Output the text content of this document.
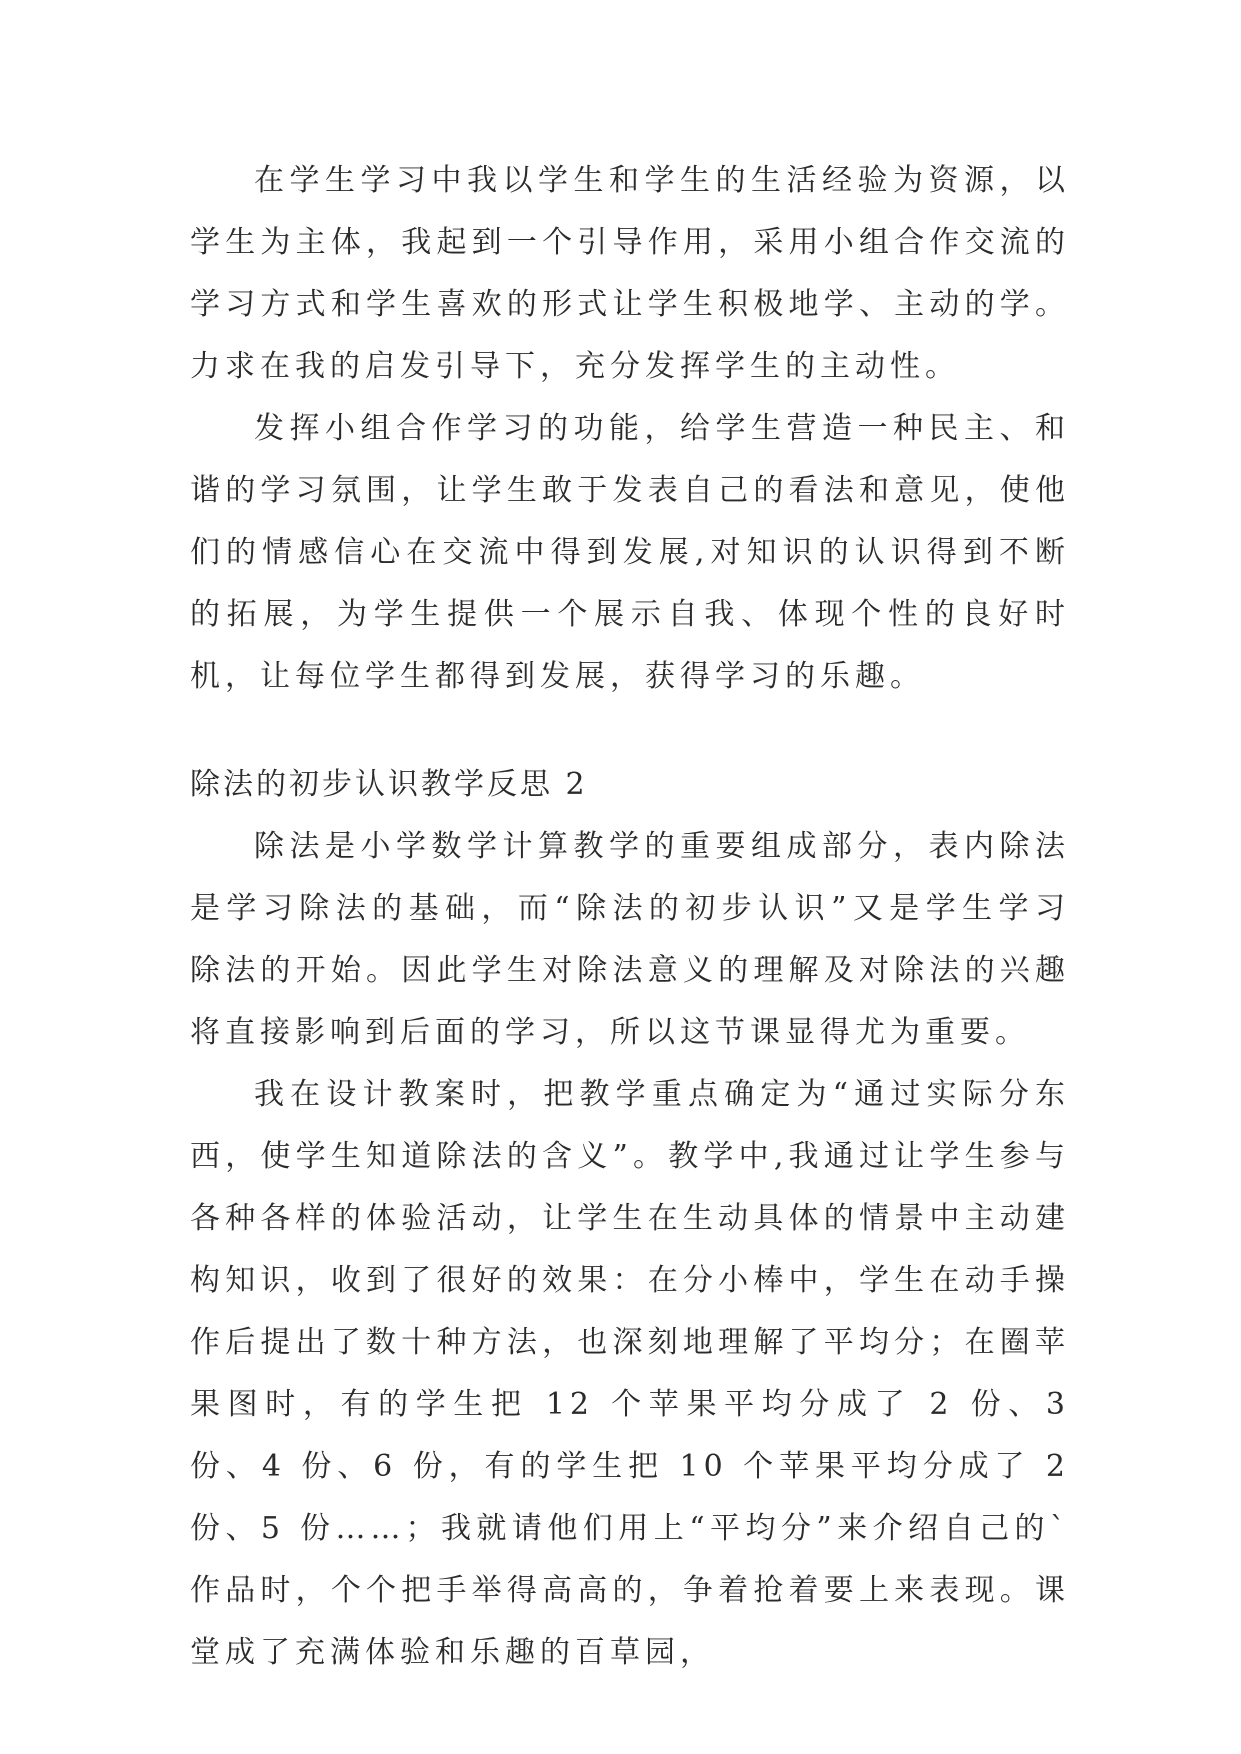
在学生学习中我以学生和学生的生活经验为资源，以学生为主体，我起到一个引导作用，采用小组合作交流的学习方式和学生喜欢的形式让学生积极地学、主动的学。力求在我的启发引导下，充分发挥学生的主动性。

发挥小组合作学习的功能，给学生营造一种民主、和谐的学习氛围，让学生敢于发表自己的看法和意见，使他们的情感信心在交流中得到发展,对知识的认识得到不断的拓展，为学生提供一个展示自我、体现个性的良好时机，让每位学生都得到发展，获得学习的乐趣。

除法的初步认识教学反思 2

除法是小学数学计算教学的重要组成部分，表内除法是学习除法的基础，而“除法的初步认识”又是学生学习除法的开始。因此学生对除法意义的理解及对除法的兴趣将直接影响到后面的学习，所以这节课显得尤为重要。

我在设计教案时，把教学重点确定为“通过实际分东西，使学生知道除法的含义”。教学中,我通过让学生参与各种各样的体验活动，让学生在生动具体的情景中主动建构知识，收到了很好的效果：在分小棒中，学生在动手操作后提出了数十种方法，也深刻地理解了平均分；在圈苹果图时，有的学生把 12 个苹果平均分成了 2 份、3 份、4 份、6 份，有的学生把 10 个苹果平均分成了 2 份、5 份……；我就请他们用上“平均分”来介绍自己的`作品时，个个把手举得高高的，争着抢着要上来表现。课堂成了充满体验和乐趣的百草园，
